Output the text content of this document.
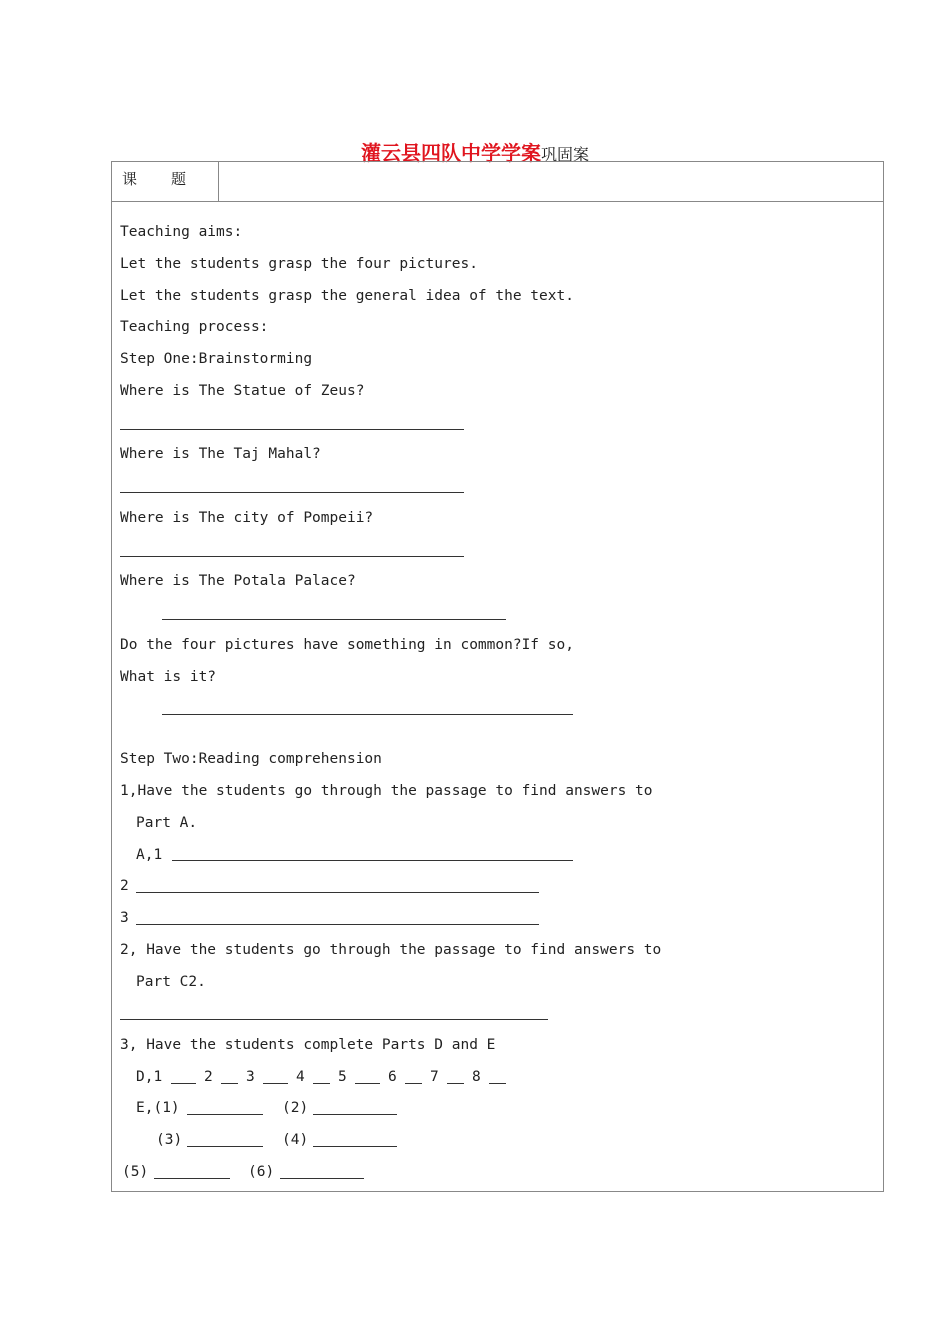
灌云县四队中学学案巩固案
课 题
Teaching aims:
Let the students grasp the four pictures.
Let the students grasp the general idea of the text.
Teaching process:
Step One:Brainstorming
Where is The Statue of Zeus?
Where is The Taj Mahal?
Where is The city of Pompeii?
Where is The Potala Palace?
Do the four pictures have something in common?If so,
What is it?
Step Two:Reading comprehension
1,Have the students go through the passage to find answers to
Part A.
A,1
2
3
2, Have the students go through the passage to find answers to
Part C2.
3, Have the students complete Parts D and E
D,1	2 3	4 5	6 7 8
E,(1)	(2)
(3)	(4)
(5)	(6)
